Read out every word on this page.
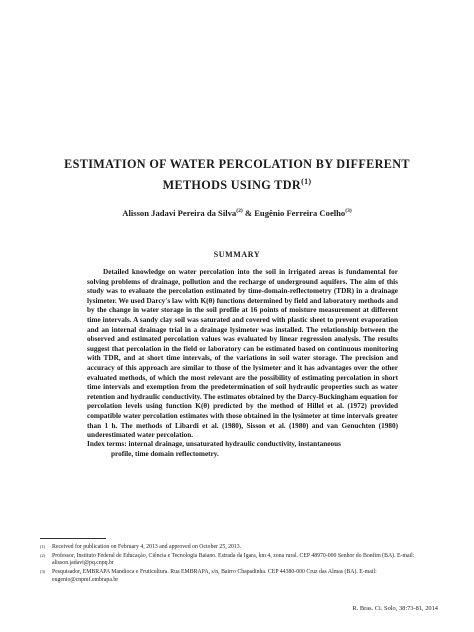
ESTIMATION OF WATER PERCOLATION BY DIFFERENT
METHODS USING TDR$^{(1)}$

Alisson Jadavi Pereira da Silva$^{(2)}$ & Eugênio Ferreira Coelho$^{(3)}$

SUMMARY

Detailed knowledge on water percolation into the soil in irrigated areas is fundamental for solving problems of drainage, pollution and the recharge of underground aquifers. The aim of this study was to evaluate the percolation estimated by time-domain-reflectometry (TDR) in a drainage lysimeter. We used Darcy's law with K(θ) functions determined by field and laboratory methods and by the change in water storage in the soil profile at 16 points of moisture measurement at different time intervals. A sandy clay soil was saturated and covered with plastic sheet to prevent evaporation and an internal drainage trial in a drainage lysimeter was installed. The relationship between the observed and estimated percolation values was evaluated by linear regression analysis. The results suggest that percolation in the field or laboratory can be estimated based on continuous monitoring with TDR, and at short time intervals, of the variations in soil water storage. The precision and accuracy of this approach are similar to those of the lysimeter and it has advantages over the other evaluated methods, of which the most relevant are the possibility of estimating percolation in short time intervals and exemption from the predetermination of soil hydraulic properties such as water retention and hydraulic conductivity. The estimates obtained by the Darcy-Buckingham equation for percolation levels using function K(θ) predicted by the method of Hillel et al. (1972) provided compatible water percolation estimates with those obtained in the lysimeter at time intervals greater than 1 h. The methods of Libardi et al. (1980), Sisson et al. (1980) and van Genuchten (1980) underestimated water percolation.

Index terms: internal drainage, unsaturated hydraulic conductivity, instantaneous
profile, time domain reflectometry.

(1) Received for publication on February 4, 2013 and approved on October 25, 2013.

(2) Professor, Instituto Federal de Educação, Ciência e Tecnologia Baiano. Estrada da Igara, km 4, zona rural. CEP 48970-000 Senhor do Bonfim (BA). E-mail: alisson.jadavi@pq.cnpq.br

(3) Pesquisador, EMBRAPA Mandioca e Fruticultura. Rua EMBRAPA, s/n, Bairro Chapadinha. CEP 44380-000 Cruz das Almas (BA). E-mail: eugenio@cnpmf.embrapa.br

R. Bras. Ci. Solo, 38:73-81, 2014
